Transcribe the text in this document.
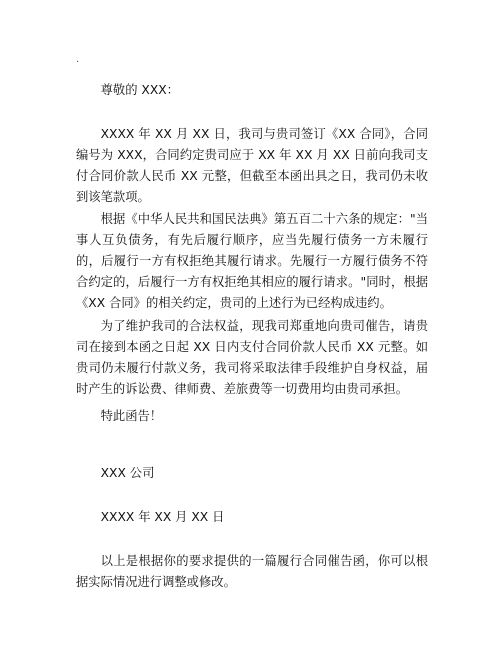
.
尊敬的 XXX：

XXXX 年 XX 月 XX 日，我司与贵司签订《XX 合同》，合同编号为 XXX，合同约定贵司应于 XX 年 XX 月 XX 日前向我司支付合同价款人民币 XX 元整，但截至本函出具之日，我司仍未收到该笔款项。

根据《中华人民共和国民法典》第五百二十六条的规定："当事人互负债务，有先后履行顺序，应当先履行债务一方未履行的，后履行一方有权拒绝其履行请求。先履行一方履行债务不符合约定的，后履行一方有权拒绝其相应的履行请求。"同时，根据《XX 合同》的相关约定，贵司的上述行为已经构成违约。

为了维护我司的合法权益，现我司郑重地向贵司催告，请贵司在接到本函之日起 XX 日内支付合同价款人民币 XX 元整。如贵司仍未履行付款义务，我司将采取法律手段维护自身权益，届时产生的诉讼费、律师费、差旅费等一切费用均由贵司承担。

特此函告！
XXX 公司
XXXX 年 XX 月 XX 日

以上是根据你的要求提供的一篇履行合同催告函，你可以根据实际情况进行调整或修改。
